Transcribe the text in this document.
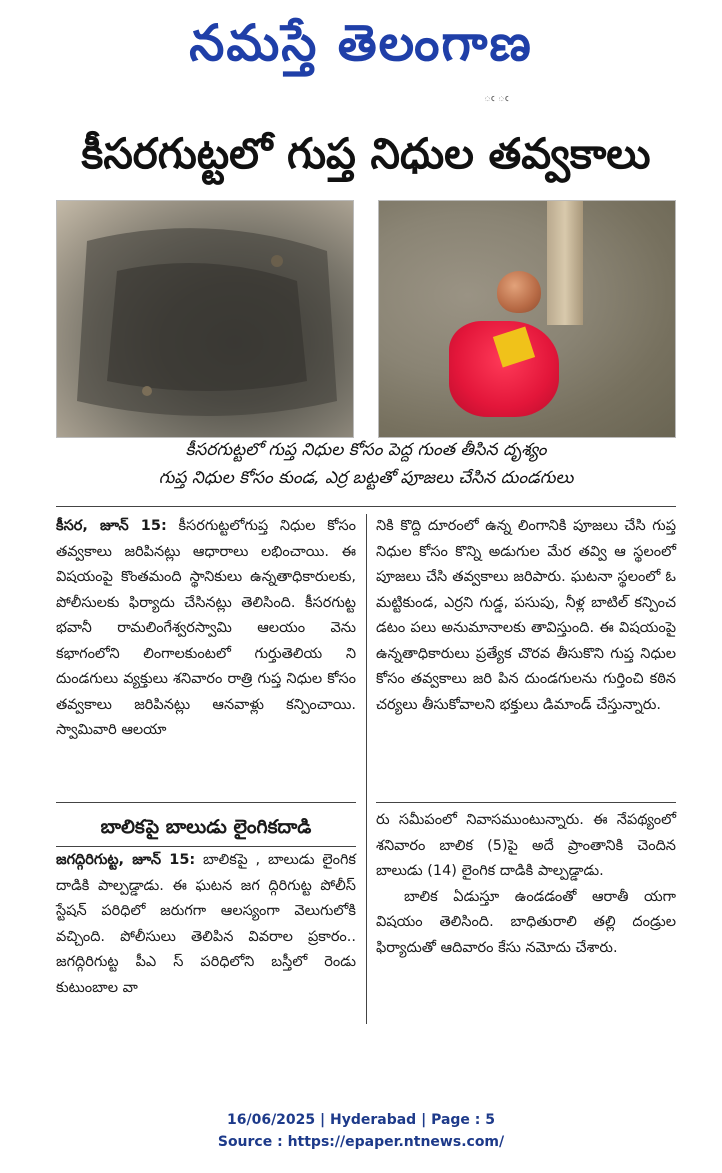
నమస్తే తెలంగాణ
ఁ ఁ
కీసరగుట్టలో గుప్త నిధుల తవ్వకాలు
కీసరగుట్టలో గుప్త నిధుల కోసం పెద్ద గుంత తీసిన దృశ్యం
గుప్త నిధుల కోసం కుండ, ఎర్ర బట్టతో పూజలు చేసిన దుండగులు

కీసర, జూన్ 15: కీసరగుట్టలోగుప్త నిధుల కోసం తవ్వకాలు జరిపినట్లు ఆధారాలు లభించాయి. ఈ విషయంపై కొంతమంది స్థానికులు ఉన్నతాధికారులకు, పోలీసులకు ఫిర్యాదు చేసినట్లు తెలిసింది. కీసరగుట్ట భవానీ రామలింగేశ్వరస్వామి ఆలయం వెను కభాగంలోని లింగాలకుంటలో గుర్తుతెలియ ని దుండగులు వ్యక్తులు శనివారం రాత్రి గుప్త నిధుల కోసం తవ్వకాలు జరిపినట్లు ఆనవాళ్లు కన్పించాయి. స్వామివారి ఆలయా

నికి కొద్ది దూరంలో ఉన్న లింగానికి పూజలు చేసి గుప్త నిధుల కోసం కొన్ని అడుగుల మేర తవ్వి ఆ స్థలంలో పూజలు చేసి తవ్వకాలు జరిపారు. ఘటనా స్థలంలో ఓ మట్టికుండ, ఎర్రని గుడ్డ, పసుపు, నీళ్ల బాటిల్ కన్పించ డటం పలు అనుమానాలకు తావిస్తుంది. ఈ విషయంపై ఉన్నతాధికారులు ప్రత్యేక చొరవ తీసుకొని గుప్త నిధుల కోసం తవ్వకాలు జరి పిన దుండగులను గుర్తించి కఠిన చర్యలు తీసుకోవాలని భక్తులు డిమాండ్ చేస్తున్నారు.

బాలికపై బాలుడు లైంగికదాడి

జగద్గిరిగుట్ట, జూన్ 15: బాలికపై , బాలుడు లైంగిక దాడికి పాల్పడ్డాడు. ఈ ఘటన జగ ద్గిరిగుట్ట పోలీస్ స్టేషన్ పరిధిలో జరుగగా ఆలస్యంగా వెలుగులోకి వచ్చింది. పోలీసులు తెలిపిన వివరాల ప్రకారం.. జగద్గిరిగుట్ట పీఎ స్ పరిధిలోని బస్తీలో రెండు కుటుంబాల వా

రు సమీపంలో నివాసముంటున్నారు. ఈ నేపథ్యంలో శనివారం బాలిక (5)పై అదే ప్రాంతానికి చెందిన బాలుడు (14) లైంగిక దాడికి పాల్పడ్డాడు.

బాలిక ఏడుస్తూ ఉండడంతో ఆరాతీ యగా విషయం తెలిసింది. బాధితురాలి తల్లి దండ్రుల ఫిర్యాదుతో ఆదివారం కేసు నమోదు చేశారు.

16/06/2025 | Hyderabad | Page : 5
Source : https://epaper.ntnews.com/
